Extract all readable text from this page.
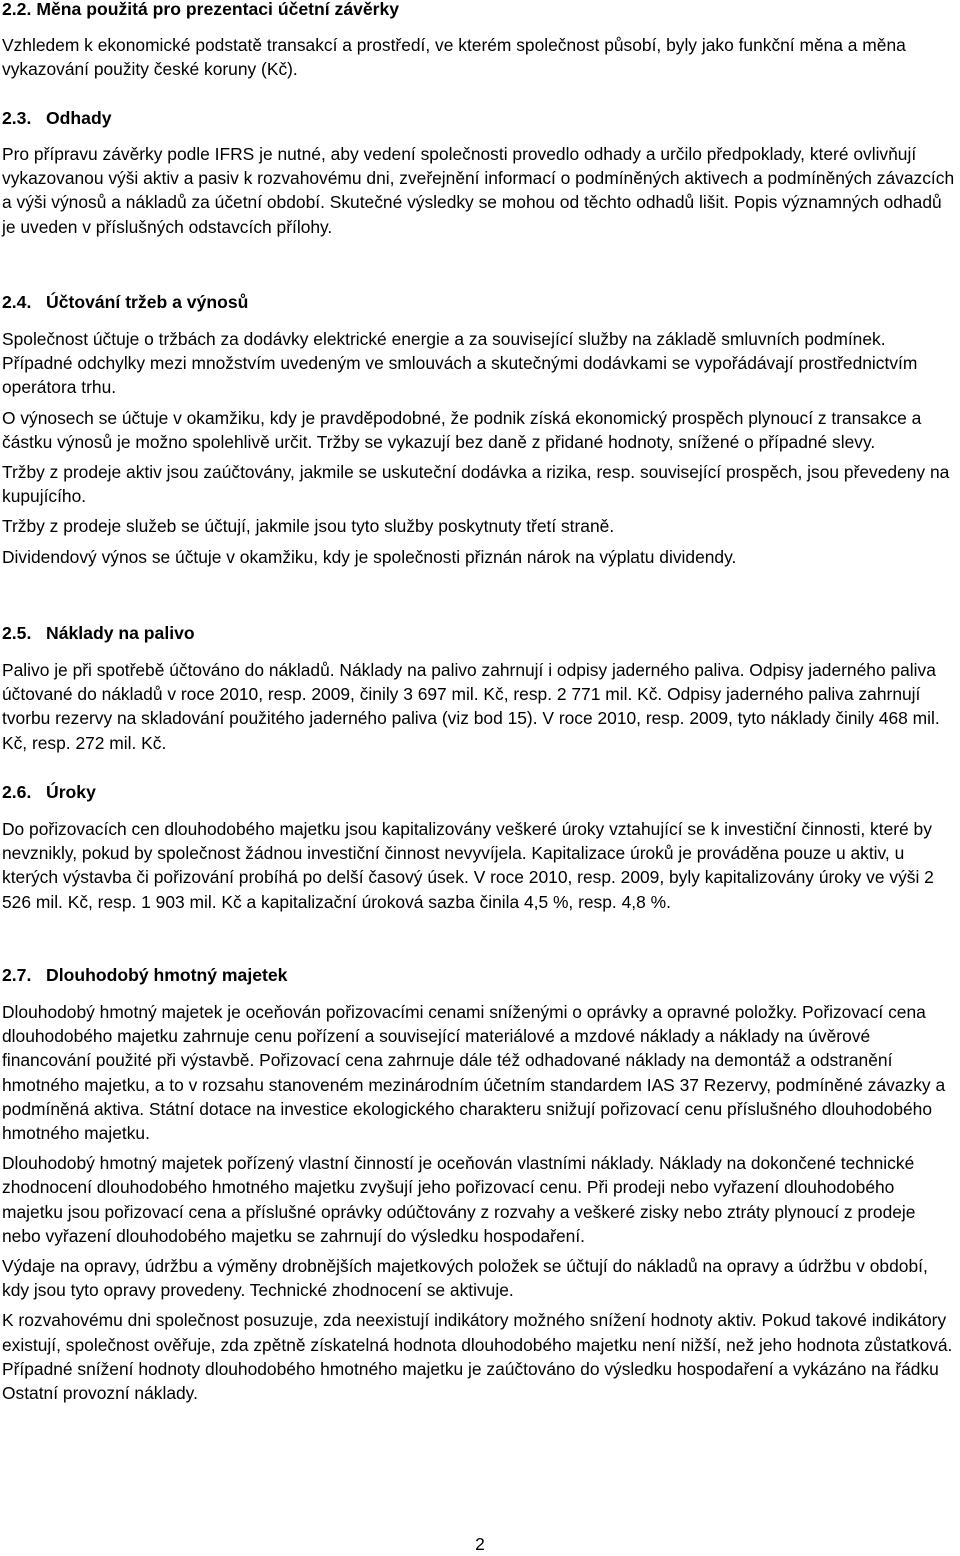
2.2. Měna použitá pro prezentaci účetní závěrky

Vzhledem k ekonomické podstatě transakcí a prostředí, ve kterém společnost působí, byly jako funkční měna a měna vykazování použity české koruny (Kč).

2.3. Odhady

Pro přípravu závěrky podle IFRS je nutné, aby vedení společnosti provedlo odhady a určilo předpoklady, které ovlivňují vykazovanou výši aktiv a pasiv k rozvahovému dni, zveřejnění informací o podmíněných aktivech a podmíněných závazcích a výši výnosů a nákladů za účetní období. Skutečné výsledky se mohou od těchto odhadů lišit. Popis významných odhadů je uveden v příslušných odstavcích přílohy.

2.4. Účtování tržeb a výnosů

Společnost účtuje o tržbách za dodávky elektrické energie a za související služby na základě smluvních podmínek. Případné odchylky mezi množstvím uvedeným ve smlouvách a skutečnými dodávkami se vypořádávají prostřednictvím operátora trhu.

O výnosech se účtuje v okamžiku, kdy je pravděpodobné, že podnik získá ekonomický prospěch plynoucí z transakce a částku výnosů je možno spolehlivě určit. Tržby se vykazují bez daně z přidané hodnoty, snížené o případné slevy.

Tržby z prodeje aktiv jsou zaúčtovány, jakmile se uskuteční dodávka a rizika, resp. související prospěch, jsou převedeny na kupujícího.

Tržby z prodeje služeb se účtují, jakmile jsou tyto služby poskytnuty třetí straně.

Dividendový výnos se účtuje v okamžiku, kdy je společnosti přiznán nárok na výplatu dividendy.

2.5. Náklady na palivo

Palivo je při spotřebě účtováno do nákladů. Náklady na palivo zahrnují i odpisy jaderného paliva. Odpisy jaderného paliva účtované do nákladů v roce 2010, resp. 2009, činily 3 697 mil. Kč, resp. 2 771 mil. Kč. Odpisy jaderného paliva zahrnují tvorbu rezervy na skladování použitého jaderného paliva (viz bod 15). V roce 2010, resp. 2009, tyto náklady činily 468 mil. Kč, resp. 272 mil. Kč.

2.6. Úroky

Do pořizovacích cen dlouhodobého majetku jsou kapitalizovány veškeré úroky vztahující se k investiční činnosti, které by nevznikly, pokud by společnost žádnou investiční činnost nevyvíjela. Kapitalizace úroků je prováděna pouze u aktiv, u kterých výstavba či pořizování probíhá po delší časový úsek. V roce 2010, resp. 2009, byly kapitalizovány úroky ve výši 2 526 mil. Kč, resp. 1 903 mil. Kč a kapitalizační úroková sazba činila 4,5 %, resp. 4,8 %.

2.7. Dlouhodobý hmotný majetek

Dlouhodobý hmotný majetek je oceňován pořizovacími cenami sníženými o oprávky a opravné položky. Pořizovací cena dlouhodobého majetku zahrnuje cenu pořízení a související materiálové a mzdové náklady a náklady na úvěrové financování použité při výstavbě. Pořizovací cena zahrnuje dále též odhadované náklady na demontáž a odstranění hmotného majetku, a to v rozsahu stanoveném mezinárodním účetním standardem IAS 37 Rezervy, podmíněné závazky a podmíněná aktiva. Státní dotace na investice ekologického charakteru snižují pořizovací cenu příslušného dlouhodobého hmotného majetku.

Dlouhodobý hmotný majetek pořízený vlastní činností je oceňován vlastními náklady. Náklady na dokončené technické zhodnocení dlouhodobého hmotného majetku zvyšují jeho pořizovací cenu. Při prodeji nebo vyřazení dlouhodobého majetku jsou pořizovací cena a příslušné oprávky odúčtovány z rozvahy a veškeré zisky nebo ztráty plynoucí z prodeje nebo vyřazení dlouhodobého majetku se zahrnují do výsledku hospodaření.

Výdaje na opravy, údržbu a výměny drobnějších majetkových položek se účtují do nákladů na opravy a údržbu v období, kdy jsou tyto opravy provedeny. Technické zhodnocení se aktivuje.

K rozvahovému dni společnost posuzuje, zda neexistují indikátory možného snížení hodnoty aktiv. Pokud takové indikátory existují, společnost ověřuje, zda zpětně získatelná hodnota dlouhodobého majetku není nižší, než jeho hodnota zůstatková. Případné snížení hodnoty dlouhodobého hmotného majetku je zaúčtováno do výsledku hospodaření a vykázáno na řádku Ostatní provozní náklady.

2
